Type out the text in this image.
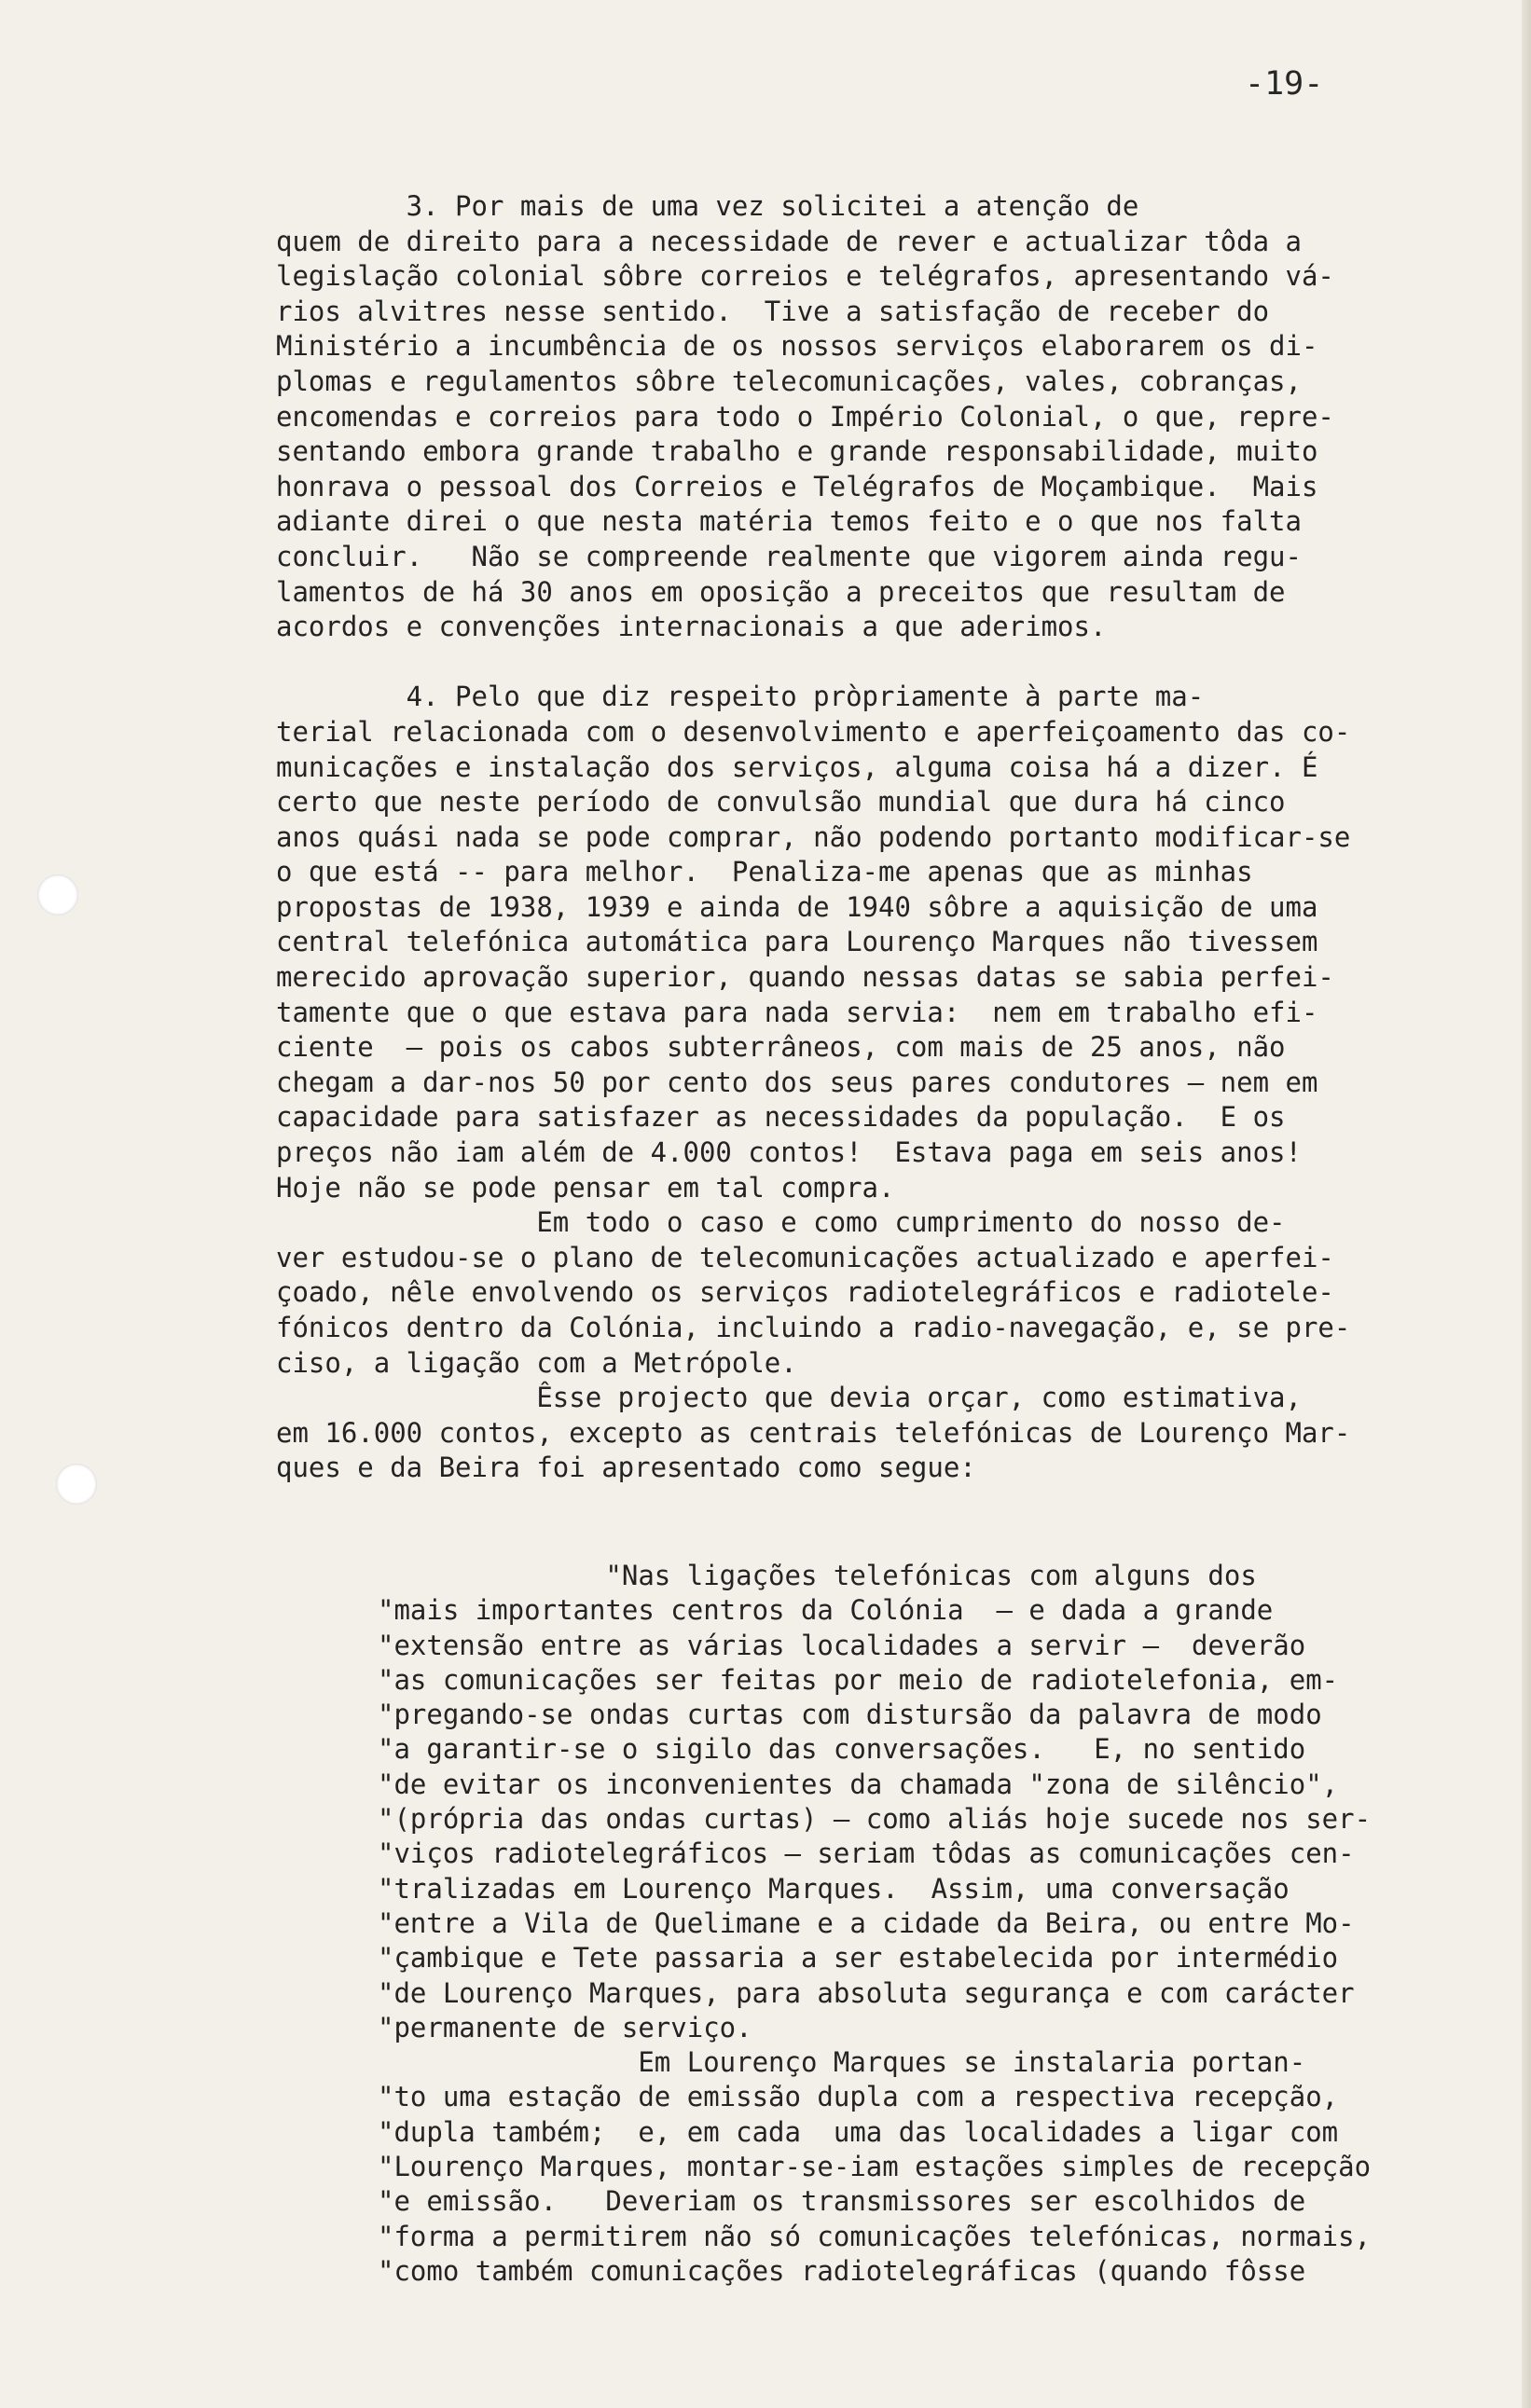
-19-
3. Por mais de uma vez solicitei a atenção de
quem de direito para a necessidade de rever e actualizar tôda a
legislação colonial sôbre correios e telégrafos, apresentando vá-
rios alvitres nesse sentido.  Tive a satisfação de receber do
Ministério a incumbência de os nossos serviços elaborarem os di-
plomas e regulamentos sôbre telecomunicações, vales, cobranças,
encomendas e correios para todo o Império Colonial, o que, repre-
sentando embora grande trabalho e grande responsabilidade, muito
honrava o pessoal dos Correios e Telégrafos de Moçambique.  Mais
adiante direi o que nesta matéria temos feito e o que nos falta
concluir.   Não se compreende realmente que vigorem ainda regu-
lamentos de há 30 anos em oposição a preceitos que resultam de
acordos e convenções internacionais a que aderimos.
4. Pelo que diz respeito pròpriamente à parte ma-
terial relacionada com o desenvolvimento e aperfeiçoamento das co-
municações e instalação dos serviços, alguma coisa há a dizer. É
certo que neste período de convulsão mundial que dura há cinco
anos quási nada se pode comprar, não podendo portanto modificar-se
o que está -- para melhor.  Penaliza-me apenas que as minhas
propostas de 1938, 1939 e ainda de 1940 sôbre a aquisição de uma
central telefónica automática para Lourenço Marques não tivessem
merecido aprovação superior, quando nessas datas se sabia perfei-
tamente que o que estava para nada servia:  nem em trabalho efi-
ciente  — pois os cabos subterrâneos, com mais de 25 anos, não
chegam a dar-nos 50 por cento dos seus pares condutores — nem em
capacidade para satisfazer as necessidades da população.  E os
preços não iam além de 4.000 contos!  Estava paga em seis anos!
Hoje não se pode pensar em tal compra.
Em todo o caso e como cumprimento do nosso de-
ver estudou-se o plano de telecomunicações actualizado e aperfei-
çoado, nêle envolvendo os serviços radiotelegráficos e radiotele-
fónicos dentro da Colónia, incluindo a radio-navegação, e, se pre-
ciso, a ligação com a Metrópole.
Êsse projecto que devia orçar, como estimativa,
em 16.000 contos, excepto as centrais telefónicas de Lourenço Mar-
ques e da Beira foi apresentado como segue:
"Nas ligações telefónicas com alguns dos
"mais importantes centros da Colónia  — e dada a grande
"extensão entre as várias localidades a servir —  deverão
"as comunicações ser feitas por meio de radiotelefonia, em-
"pregando-se ondas curtas com distursão da palavra de modo
"a garantir-se o sigilo das conversações.   E, no sentido
"de evitar os inconvenientes da chamada "zona de silêncio",
"(própria das ondas curtas) — como aliás hoje sucede nos ser-
"viços radiotelegráficos — seriam tôdas as comunicações cen-
"tralizadas em Lourenço Marques.  Assim, uma conversação
"entre a Vila de Quelimane e a cidade da Beira, ou entre Mo-
"çambique e Tete passaria a ser estabelecida por intermédio
"de Lourenço Marques, para absoluta segurança e com carácter
"permanente de serviço.
Em Lourenço Marques se instalaria portan-
"to uma estação de emissão dupla com a respectiva recepção,
"dupla também;  e, em cada  uma das localidades a ligar com
"Lourenço Marques, montar-se-iam estações simples de recepção
"e emissão.   Deveriam os transmissores ser escolhidos de
"forma a permitirem não só comunicações telefónicas, normais,
"como também comunicações radiotelegráficas (quando fôsse
